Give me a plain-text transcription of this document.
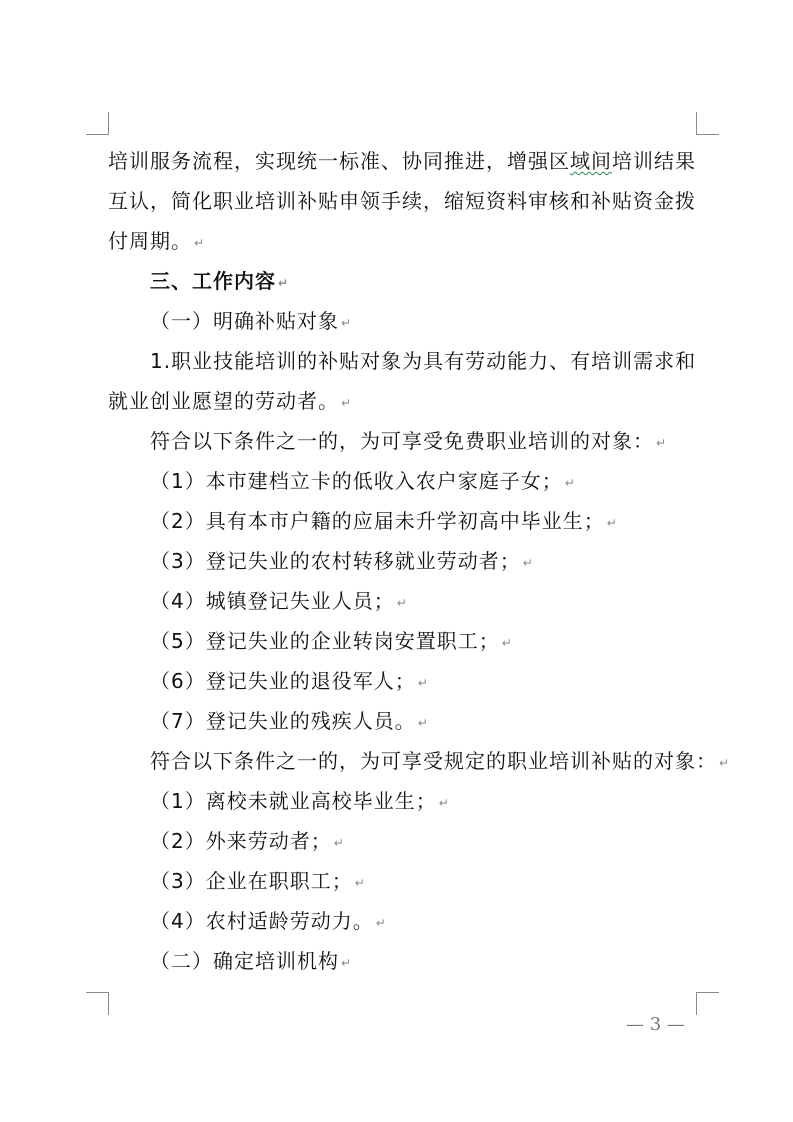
培训服务流程，实现统一标准、协同推进，增强区域间培训结果
互认，简化职业培训补贴申领手续，缩短资料审核和补贴资金拨
付周期。 ↵
三、工作内容 ↵
（一）明确补贴对象 ↵
1.职业技能培训的补贴对象为具有劳动能力、有培训需求和
就业创业愿望的劳动者。 ↵
符合以下条件之一的，为可享受免费职业培训的对象： ↵
（1）本市建档立卡的低收入农户家庭子女； ↵
（2）具有本市户籍的应届未升学初高中毕业生； ↵
（3）登记失业的农村转移就业劳动者； ↵
（4）城镇登记失业人员； ↵
（5）登记失业的企业转岗安置职工； ↵
（6）登记失业的退役军人； ↵
（7）登记失业的残疾人员。 ↵
符合以下条件之一的，为可享受规定的职业培训补贴的对象： ↵
（1）离校未就业高校毕业生； ↵
（2）外来劳动者； ↵
（3）企业在职职工； ↵
（4）农村适龄劳动力。 ↵
（二）确定培训机构 ↵
— 3 —
